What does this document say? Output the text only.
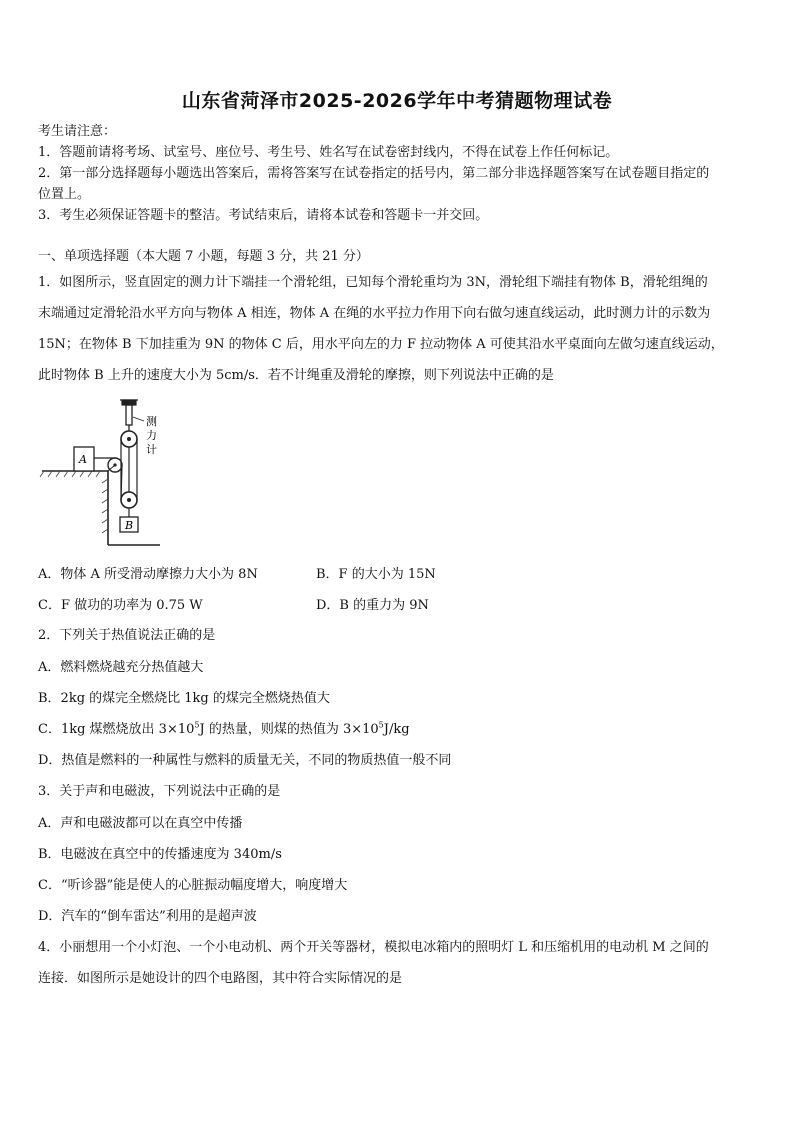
山东省菏泽市2025-2026学年中考猜题物理试卷
考生请注意：
1．答题前请将考场、试室号、座位号、考生号、姓名写在试卷密封线内，不得在试卷上作任何标记。
2．第一部分选择题每小题选出答案后，需将答案写在试卷指定的括号内，第二部分非选择题答案写在试卷题目指定的
位置上。
3．考生必须保证答题卡的整洁。考试结束后，请将本试卷和答题卡一并交回。
一、单项选择题（本大题 7 小题，每题 3 分，共 21 分）
1．如图所示，竖直固定的测力计下端挂一个滑轮组，已知每个滑轮重均为 3N，滑轮组下端挂有物体 B，滑轮组绳的
末端通过定滑轮沿水平方向与物体 A 相连，物体 A 在绳的水平拉力作用下向右做匀速直线运动，此时测力计的示数为
15N；在物体 B 下加挂重为 9N 的物体 C 后，用水平向左的力 F 拉动物体 A 可使其沿水平桌面向左做匀速直线运动，
此时物体 B 上升的速度大小为 5cm/s．若不计绳重及滑轮的摩擦，则下列说法中正确的是
B
A
测
力
计
A．物体 A 所受滑动摩擦力大小为 8N	B．F 的大小为 15N
C．F 做功的功率为 0.75 W	D．B 的重力为 9N
2．下列关于热值说法正确的是
A．燃料燃烧越充分热值越大
B．2kg 的煤完全燃烧比 1kg 的煤完全燃烧热值大
C．1kg 煤燃烧放出 $3\times 10^5J$ 的热量，则煤的热值为 $3\times 10^5J/kg$
D．热值是燃料的一种属性与燃料的质量无关，不同的物质热值一般不同
3．关于声和电磁波，下列说法中正确的是
A．声和电磁波都可以在真空中传播
B．电磁波在真空中的传播速度为 340m/s
C．“听诊器”能是使人的心脏振动幅度增大，响度增大
D．汽车的“倒车雷达”利用的是超声波
4．小丽想用一个小灯泡、一个小电动机、两个开关等器材，模拟电冰箱内的照明灯 L 和压缩机用的电动机 M 之间的
连接．如图所示是她设计的四个电路图，其中符合实际情况的是
